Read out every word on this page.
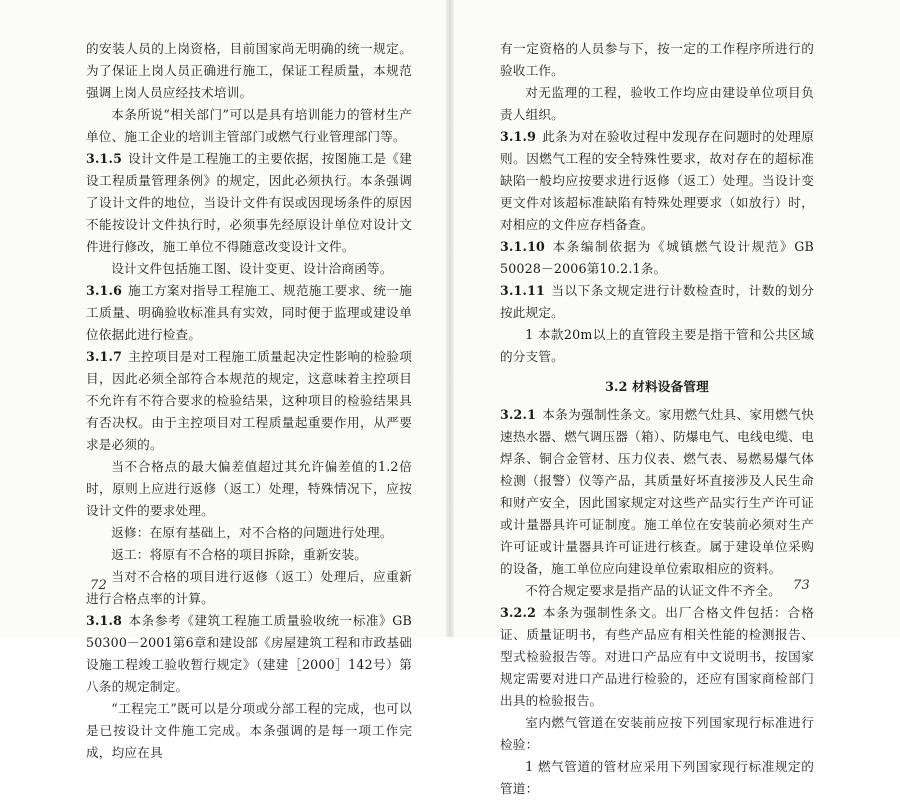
的安装人员的上岗资格，目前国家尚无明确的统一规定。为了保证上岗人员正确进行施工，保证工程质量，本规范强调上岗人员应经技术培训。

本条所说“相关部门”可以是具有培训能力的管材生产单位、施工企业的培训主管部门或燃气行业管理部门等。

3.1.5 设计文件是工程施工的主要依据，按图施工是《建设工程质量管理条例》的规定，因此必须执行。本条强调了设计文件的地位，当设计文件有误或因现场条件的原因不能按设计文件执行时，必须事先经原设计单位对设计文件进行修改，施工单位不得随意改变设计文件。

设计文件包括施工图、设计变更、设计洽商函等。

3.1.6 施工方案对指导工程施工、规范施工要求、统一施工质量、明确验收标准具有实效，同时便于监理或建设单位依据此进行检查。

3.1.7 主控项目是对工程施工质量起决定性影响的检验项目，因此必须全部符合本规范的规定，这意味着主控项目不允许有不符合要求的检验结果，这种项目的检验结果具有否决权。由于主控项目对工程质量起重要作用，从严要求是必须的。

当不合格点的最大偏差值超过其允许偏差值的1.2倍时，原则上应进行返修（返工）处理，特殊情况下，应按设计文件的要求处理。

返修：在原有基础上，对不合格的问题进行处理。

返工：将原有不合格的项目拆除，重新安装。

当对不合格的项目进行返修（返工）处理后，应重新进行合格点率的计算。

3.1.8 本条参考《建筑工程施工质量验收统一标准》GB 50300－2001第6章和建设部《房屋建筑工程和市政基础设施工程竣工验收暂行规定》（建建［2000］142号）第八条的规定制定。

“工程完工”既可以是分项或分部工程的完成，也可以是已按设计文件施工完成。本条强调的是每一项工作完成，均应在具

72

有一定资格的人员参与下，按一定的工作程序所进行的验收工作。

对无监理的工程，验收工作均应由建设单位项目负责人组织。

3.1.9 此条为对在验收过程中发现存在问题时的处理原则。因燃气工程的安全特殊性要求，故对存在的超标准缺陷一般均应按要求进行返修（返工）处理。当设计变更文件对该超标准缺陷有特殊处理要求（如放行）时，对相应的文件应存档备查。

3.1.10 本条编制依据为《城镇燃气设计规范》GB 50028－2006第10.2.1条。

3.1.11 当以下条文规定进行计数检查时，计数的划分按此规定。

1 本款20m以上的直管段主要是指干管和公共区域的分支管。

3.2 材料设备管理

3.2.1 本条为强制性条文。家用燃气灶具、家用燃气快速热水器、燃气调压器（箱）、防爆电气、电线电缆、电焊条、铜合金管材、压力仪表、燃气表、易燃易爆气体检测（报警）仪等产品，其质量好坏直接涉及人民生命和财产安全，因此国家规定对这些产品实行生产许可证或计量器具许可证制度。施工单位在安装前必须对生产许可证或计量器具许可证进行核查。属于建设单位采购的设备，施工单位应向建设单位索取相应的资料。

不符合规定要求是指产品的认证文件不齐全。

3.2.2 本条为强制性条文。出厂合格文件包括：合格证、质量证明书，有些产品应有相关性能的检测报告、型式检验报告等。对进口产品应有中文说明书，按国家规定需要对进口产品进行检验的，还应有国家商检部门出具的检验报告。

室内燃气管道在安装前应按下列国家现行标准进行检验：

1 燃气管道的管材应采用下列国家现行标准规定的管道：

73
